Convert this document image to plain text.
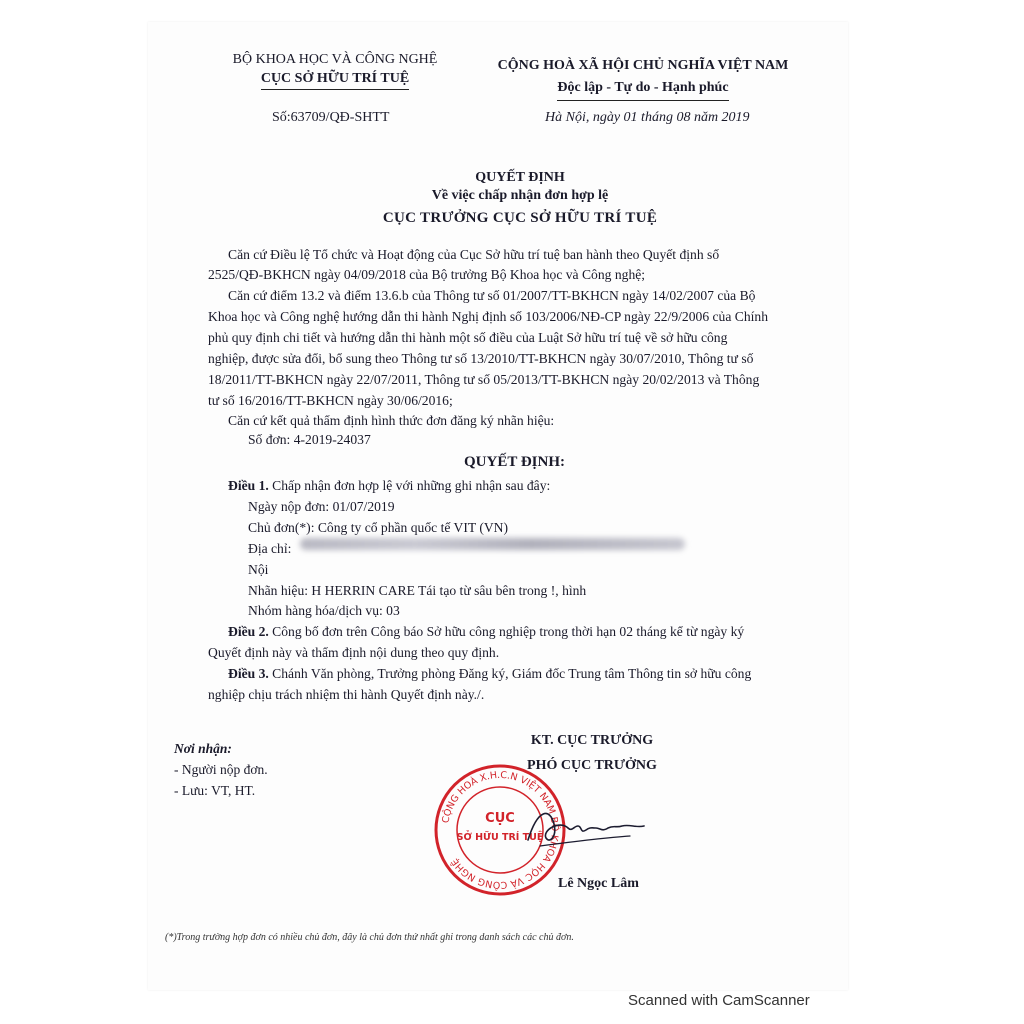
BỘ KHOA HỌC VÀ CÔNG NGHỆ
CỤC SỞ HỮU TRÍ TUỆ
Số:63709/QĐ-SHTT
CỘNG HOÀ XÃ HỘI CHỦ NGHĨA VIỆT NAM
Độc lập - Tự do - Hạnh phúc
Hà Nội, ngày 01 tháng 08 năm 2019
QUYẾT ĐỊNH
Về việc chấp nhận đơn hợp lệ
CỤC TRƯỞNG CỤC SỞ HỮU TRÍ TUỆ
Căn cứ Điều lệ Tổ chức và Hoạt động của Cục Sở hữu trí tuệ ban hành theo Quyết định số
2525/QĐ-BKHCN ngày 04/09/2018 của Bộ trưởng Bộ Khoa học và Công nghệ;
Căn cứ điểm 13.2 và điểm 13.6.b của Thông tư số 01/2007/TT-BKHCN ngày 14/02/2007 của Bộ
Khoa học và Công nghệ hướng dẫn thi hành Nghị định số 103/2006/NĐ-CP ngày 22/9/2006 của Chính
phủ quy định chi tiết và hướng dẫn thi hành một số điều của Luật Sở hữu trí tuệ về sở hữu công
nghiệp, được sửa đổi, bổ sung theo Thông tư số 13/2010/TT-BKHCN ngày 30/07/2010, Thông tư số
18/2011/TT-BKHCN ngày 22/07/2011, Thông tư số 05/2013/TT-BKHCN ngày 20/02/2013 và Thông
tư số 16/2016/TT-BKHCN ngày 30/06/2016;
Căn cứ kết quả thẩm định hình thức đơn đăng ký nhãn hiệu:
Số đơn: 4-2019-24037
QUYẾT ĐỊNH:
Điều 1. Chấp nhận đơn hợp lệ với những ghi nhận sau đây:
Ngày nộp đơn: 01/07/2019
Chủ đơn(*): Công ty cổ phần quốc tế VIT (VN)
Địa chỉ:
Nội
Nhãn hiệu: H HERRIN CARE Tái tạo từ sâu bên trong !, hình
Nhóm hàng hóa/dịch vụ: 03
Điều 2. Công bố đơn trên Công báo Sở hữu công nghiệp trong thời hạn 02 tháng kể từ ngày ký
Quyết định này và thẩm định nội dung theo quy định.
Điều 3. Chánh Văn phòng, Trưởng phòng Đăng ký, Giám đốc Trung tâm Thông tin sở hữu công
nghiệp chịu trách nhiệm thi hành Quyết định này./.
KT. CỤC TRƯỞNG
PHÓ CỤC TRƯỞNG
Nơi nhận:
- Người nộp đơn.
- Lưu: VT, HT.
CỘNG HOÀ X.H.C.N VIỆT NAM BỘ KHOA HỌC VÀ CÔNG NGHỆ
CỤC
SỞ HỮU TRÍ TUỆ
Lê Ngọc Lâm
(*)Trong trường hợp đơn có nhiều chủ đơn, đây là chủ đơn thứ nhất ghi trong danh sách các chủ đơn.
Scanned with CamScanner
